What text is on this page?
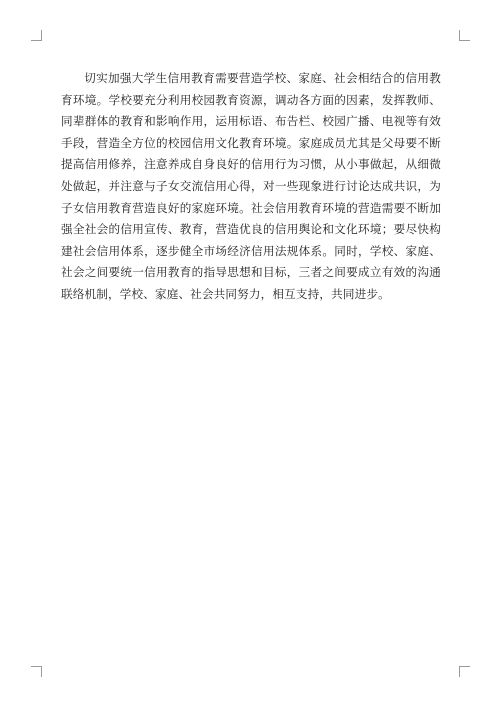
切实加强大学生信用教育需要营造学校、家庭、社会相结合的信用教育环境。学校要充分利用校园教育资源，调动各方面的因素，发挥教师、同辈群体的教育和影响作用，运用标语、布告栏、校园广播、电视等有效手段，营造全方位的校园信用文化教育环境。家庭成员尤其是父母要不断提高信用修养，注意养成自身良好的信用行为习惯，从小事做起，从细微处做起，并注意与子女交流信用心得，对一些现象进行讨论达成共识，为子女信用教育营造良好的家庭环境。社会信用教育环境的营造需要不断加强全社会的信用宣传、教育，营造优良的信用舆论和文化环境；要尽快构建社会信用体系，逐步健全市场经济信用法规体系。同时，学校、家庭、社会之间要统一信用教育的指导思想和目标，三者之间要成立有效的沟通联络机制，学校、家庭、社会共同努力，相互支持，共同进步。
